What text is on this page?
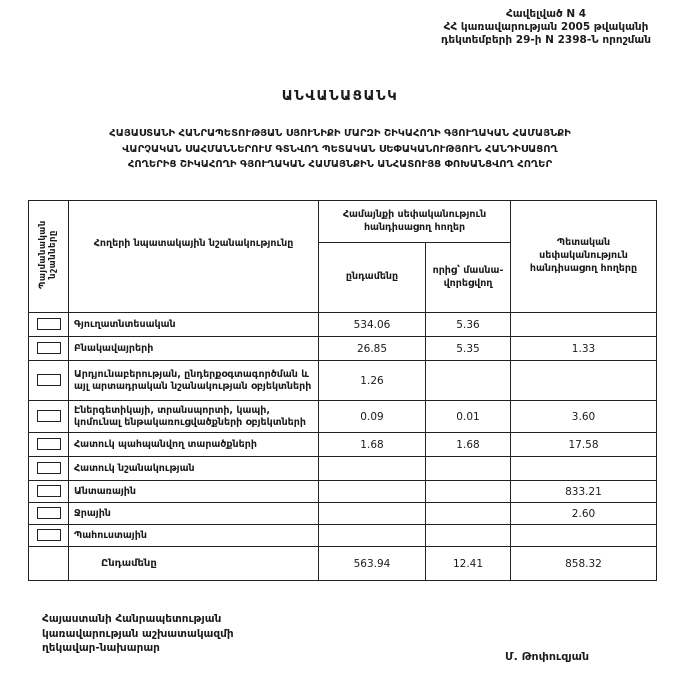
Հավելված N 4
ՀՀ կառավարության 2005 թվականի
դեկտեմբերի 29-ի N 2398-Ն որոշման
ԱՆՎԱՆԱՑԱՆԿ
ՀԱՅԱՍՏԱՆԻ ՀԱՆՐԱՊԵՏՈՒԹՅԱՆ ՍՅՈՒՆԻՔԻ ՄԱՐԶԻ ՇԻԿԱՀՈՂԻ ԳՅՈՒՂԱԿԱՆ ՀԱՄԱՅՆՔԻ
ՎԱՐՉԱԿԱՆ ՍԱՀՄԱՆՆԵՐՈՒՄ ԳՏՆՎՈՂ ՊԵՏԱԿԱՆ ՍԵՓԱԿԱՆՈՒԹՅՈՒՆ ՀԱՆԴԻՍԱՑՈՂ
ՀՈՂԵՐԻՑ ՇԻԿԱՀՈՂԻ ԳՅՈՒՂԱԿԱՆ ՀԱՄԱՅՆՔԻՆ ԱՆՀԱՏՈՒՅՑ ՓՈԽԱՆՑՎՈՂ ՀՈՂԵՐ
Պայմանական նշանները	Հողերի նպատակային նշանակությունը	Համայնքի սեփականություն հանդիսացող հողեր		Պետական սեփականություն հանդիսացող հողերը
		ընդամենը	որից՝ մասնա-վորեցվող	
	Գյուղատնտեսական	534.06	5.36	
	Բնակավայրերի	26.85	5.35	1.33
	Արդյունաբերության, ընդերքօգտագործման և այլ արտադրական նշանակության օբյեկտների	1.26		
	Էներգետիկայի, տրանսպորտի, կապի, կոմունալ ենթակառուցվածքների օբյեկտների	0.09	0.01	3.60
	Հատուկ պահպանվող տարածքների	1.68	1.68	17.58
	Հատուկ նշանակության			
	Անտառային			833.21
	Ջրային			2.60
	Պահուստային			
	Ընդամենը	563.94	12.41	858.32
Հայաստանի Հանրապետության
կառավարության աշխատակազմի
ղեկավար-նախարար
Մ. Թոփուզյան
